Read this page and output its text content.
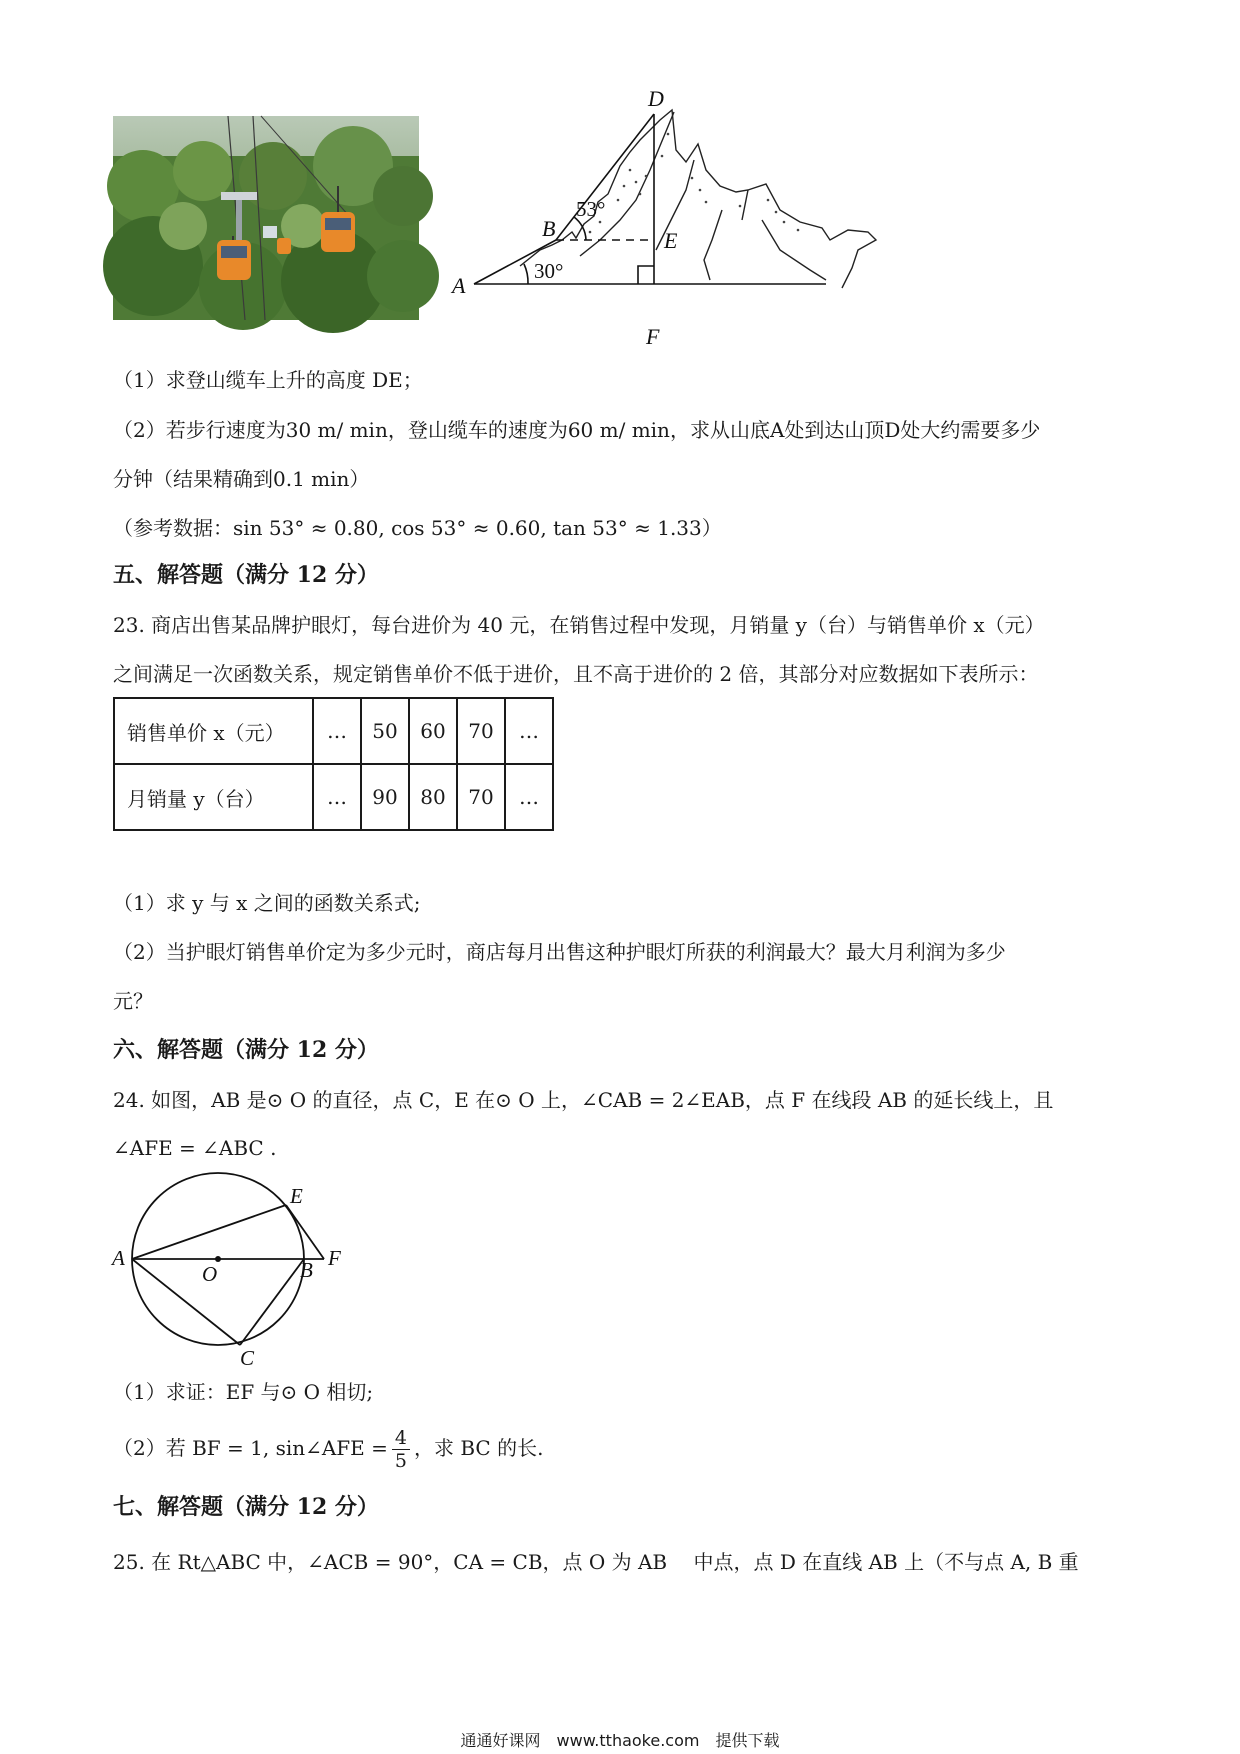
D
E
B
A
F
30°
53°
（1）求登山缆车上升的高度 DE；
（2）若步行速度为30 m/ min，登山缆车的速度为60 m/ min，求从山底A处到达山顶D处大约需要多少
分钟（结果精确到0.1 min）
（参考数据：sin 53° ≈ 0.80, cos 53° ≈ 0.60, tan 53° ≈ 1.33）
五、解答题（满分 12 分）
23. 商店出售某品牌护眼灯，每台进价为 40 元，在销售过程中发现，月销量 y（台）与销售单价 x（元）
之间满足一次函数关系，规定销售单价不低于进价，且不高于进价的 2 倍，其部分对应数据如下表所示：
销售单价 x（元）	…	50	60	70	…
月销量 y（台）	…	90	80	70	…
（1）求 y 与 x 之间的函数关系式;
（2）当护眼灯销售单价定为多少元时，商店每月出售这种护眼灯所获的利润最大？最大月利润为多少
元？
六、解答题（满分 12 分）
24. 如图，AB 是⊙ O 的直径，点 C，E 在⊙ O 上，∠CAB = 2∠EAB，点 F 在线段 AB 的延长线上，且
∠AFE = ∠ABC .
A
O	B F
E
C
（1）求证：EF 与⊙ O 相切;
（2）若 BF = 1, sin∠AFE = $\frac{4}{5}$ ，求 BC 的长.
七、解答题（满分 12 分）
25. 在 Rt△ABC 中，∠ACB = 90°，CA = CB，点 O 为 AB　 中点，点 D 在直线 AB 上（不与点 A, B 重
通通好课网　www.tthaoke.com　提供下载
